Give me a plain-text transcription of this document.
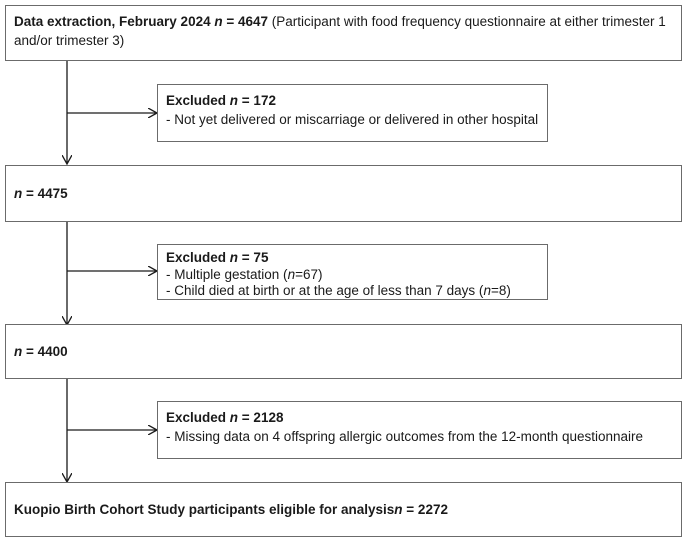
Data extraction, February 2024 n = 4647 (Participant with food frequency questionnaire at either trimester 1 and/or trimester 3)
Excluded n = 172
- Not yet delivered or miscarriage or delivered in other hospital
n = 4475
Excluded n = 75
- Multiple gestation (n=67)
- Child died at birth or at the age of less than 7 days (n=8)
n = 4400
Excluded n = 2128
- Missing data on 4 offspring allergic outcomes from the 12-month questionnaire
Kuopio Birth Cohort Study participants eligible for analysis n = 2272
